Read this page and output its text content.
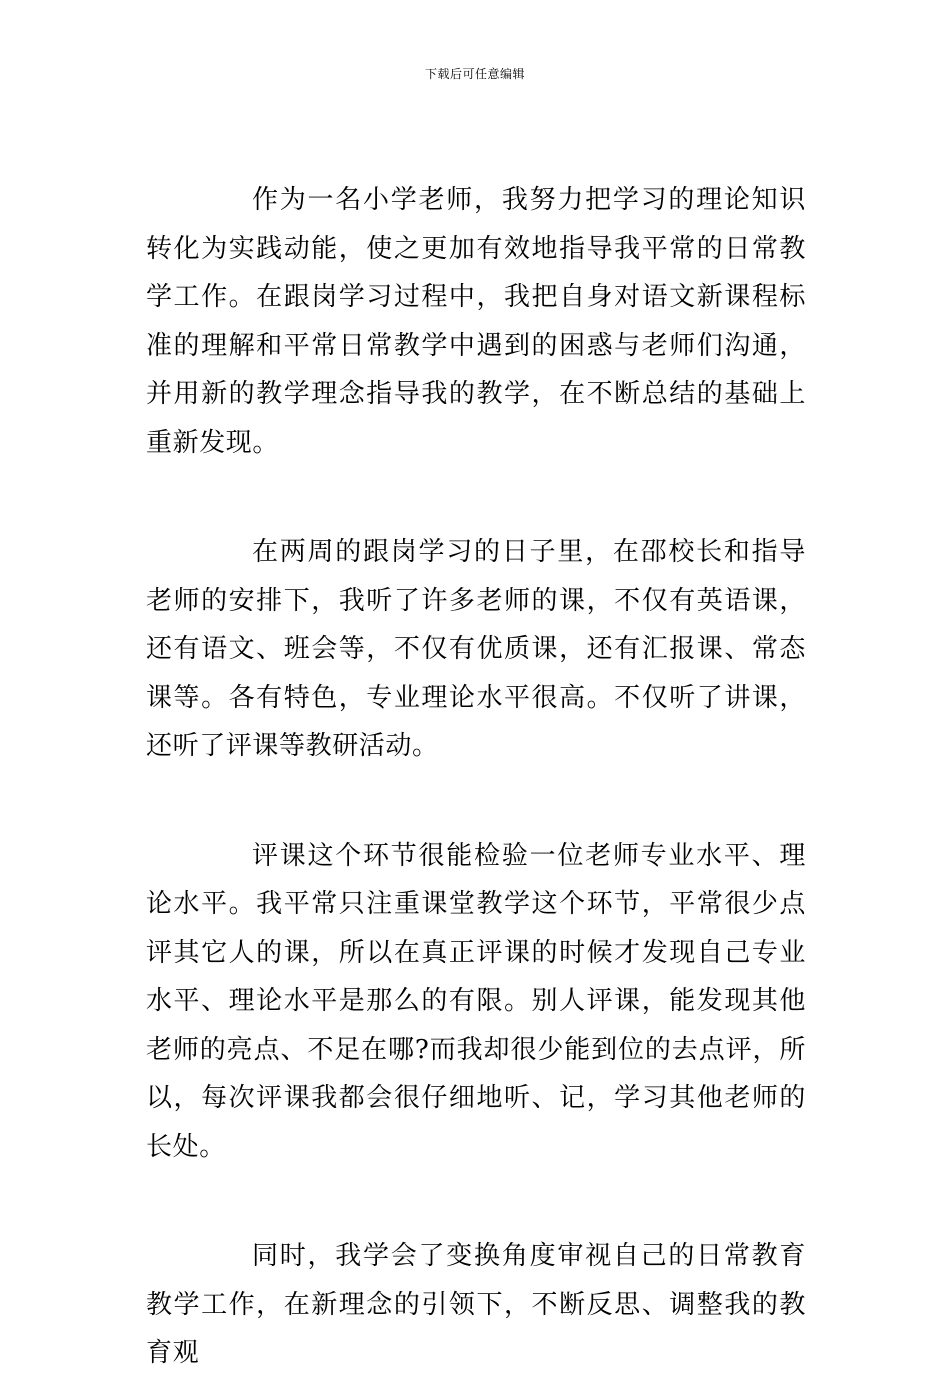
下载后可任意编辑

作为一名小学老师，我努力把学习的理论知识转化为实践动能，使之更加有效地指导我平常的日常教学工作。在跟岗学习过程中，我把自身对语文新课程标准的理解和平常日常教学中遇到的困惑与老师们沟通，并用新的教学理念指导我的教学，在不断总结的基础上重新发现。

在两周的跟岗学习的日子里，在邵校长和指导老师的安排下，我听了许多老师的课，不仅有英语课，还有语文、班会等，不仅有优质课，还有汇报课、常态课等。各有特色，专业理论水平很高。不仅听了讲课，还听了评课等教研活动。

评课这个环节很能检验一位老师专业水平、理论水平。我平常只注重课堂教学这个环节，平常很少点评其它人的课，所以在真正评课的时候才发现自己专业水平、理论水平是那么的有限。别人评课，能发现其他老师的亮点、不足在哪?而我却很少能到位的去点评，所以，每次评课我都会很仔细地听、记，学习其他老师的长处。

同时，我学会了变换角度审视自己的日常教育教学工作，在新理念的引领下，不断反思、调整我的教育观
